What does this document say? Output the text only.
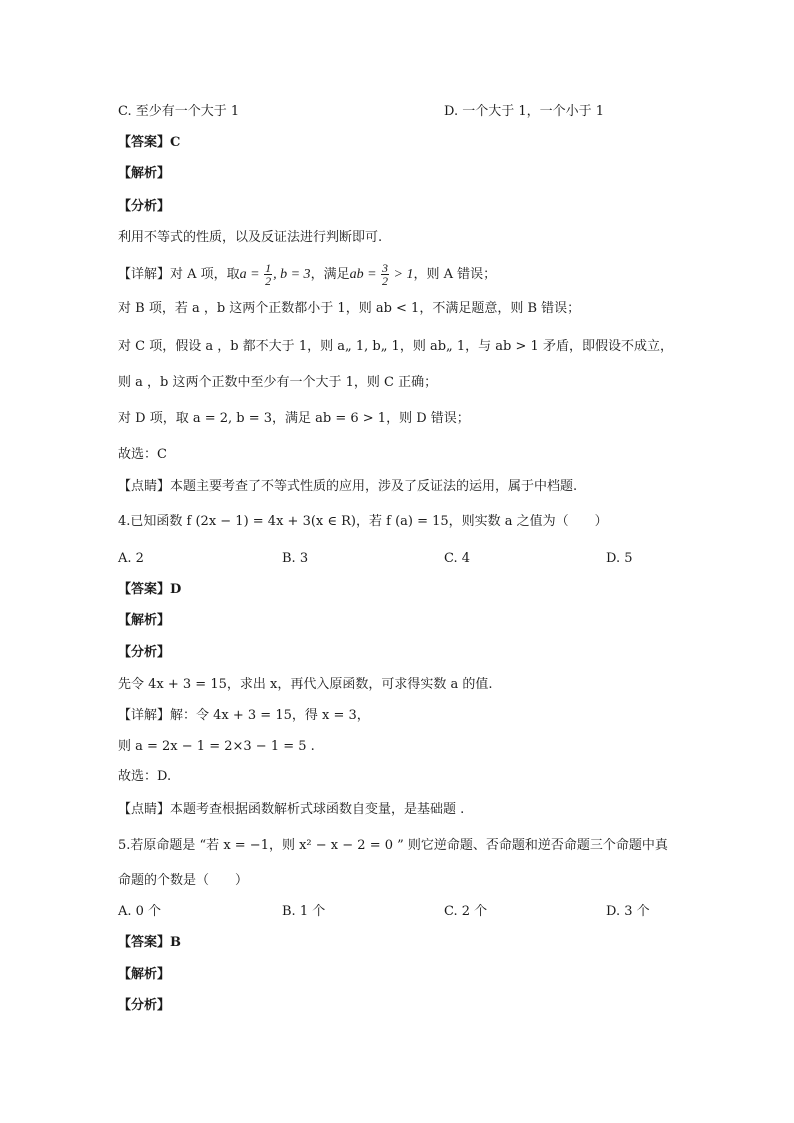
C. 至少有一个大于 1	D. 一个大于 1，一个小于 1
【答案】C
【解析】
【分析】
利用不等式的性质，以及反证法进行判断即可.
【详解】对 A 项，取$a = \frac{1}{2}$ , b = 3，满足ab = $\frac{3}{2} > 1$，则 A 错误；
对 B 项，若 a ，b 这两个正数都小于 1，则 ab < 1，不满足题意，则 B 错误；
对 C 项，假设 a ，b 都不大于 1，则 a„ 1, b„ 1，则 ab„ 1，与 ab > 1 矛盾，即假设不成立，
则 a ，b 这两个正数中至少有一个大于 1，则 C 正确；
对 D 项，取 a = 2, b = 3，满足 ab = 6 > 1，则 D 错误；
故选：C
【点睛】本题主要考查了不等式性质的应用，涉及了反证法的运用，属于中档题.
4.已知函数 f (2x − 1) = 4x + 3(x ∈ R)，若 f (a) = 15，则实数 a 之值为（　　）
A. 2	B. 3	C. 4	D. 5
【答案】D
【解析】
【分析】
先令 4x + 3 = 15，求出 x，再代入原函数，可求得实数 a 的值.
【详解】解：令 4x + 3 = 15，得 x = 3，
则 a = 2x − 1 = 2×3 − 1 = 5 .
故选：D.
【点睛】本题考查根据函数解析式球函数自变量，是基础题 .
5.若原命题是 “若 x = −1，则 x² − x − 2 = 0 ” 则它逆命题、否命题和逆否命题三个命题中真
命题的个数是（　　）
A. 0 个	B. 1 个	C. 2 个	D. 3 个
【答案】B
【解析】
【分析】
